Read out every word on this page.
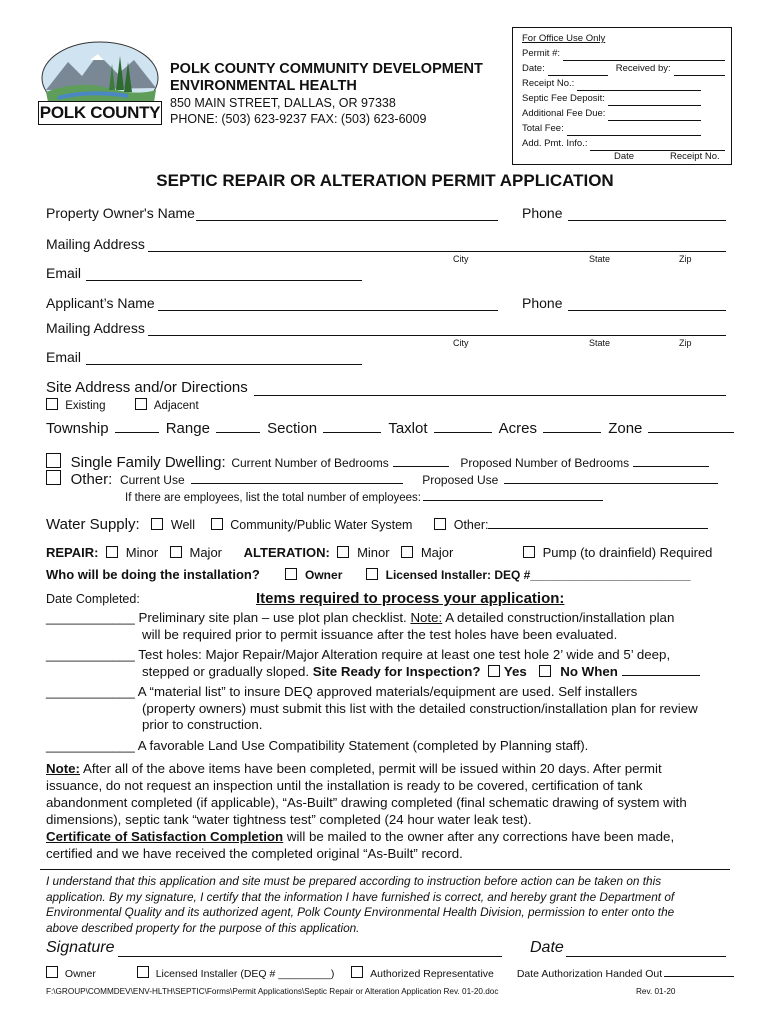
POLK COUNTY
POLK COUNTY COMMUNITY DEVELOPMENT
ENVIRONMENTAL HEALTH
850 MAIN STREET, DALLAS, OR 97338
PHONE: (503) 623-9237 FAX: (503) 623-6009
For Office Use Only
Permit #:
Date:	Received by:
Receipt No.:
Septic Fee Deposit:
Additional Fee Due:
Total Fee:
Add. Pmt. Info.:
Date	Receipt No.
SEPTIC REPAIR OR ALTERATION PERMIT APPLICATION
Property Owner's Name	Phone
Mailing Address
City	State	Zip
Email
Applicant’s Name	Phone
Mailing Address
City	State	Zip
Email
Site Address and/or Directions
Existing	Adjacent
Township	Range	Section	Taxlot	Acres	Zone
Single Family Dwelling: Current Number of Bedrooms	Proposed Number of Bedrooms
Other: Current Use	Proposed Use
If there are employees, list the total number of employees:
Water Supply:	Well	Community/Public Water System	Other:
REPAIR: Minor Major ALTERATION: Minor Major	Pump (to drainfield) Required
Who will be doing the installation?	Owner	Licensed Installer: DEQ #________________________
Date Completed:	Items required to process your application:
____________ Preliminary site plan – use plot plan checklist. Note: A detailed construction/installation plan
will be required prior to permit issuance after the test holes have been evaluated.
____________ Test holes: Major Repair/Major Alteration require at least one test hole 2’ wide and 5’ deep,
stepped or gradually sloped. Site Ready for Inspection? Yes	No When
____________ A “material list” to insure DEQ approved materials/equipment are used. Self installers
(property owners) must submit this list with the detailed construction/installation plan for review
prior to construction.
____________ A favorable Land Use Compatibility Statement (completed by Planning staff).
Note: After all of the above items have been completed, permit will be issued within 20 days. After permit
issuance, do not request an inspection until the installation is ready to be covered, certification of tank
abandonment completed (if applicable), “As-Built” drawing completed (final schematic drawing of system with
dimensions), septic tank “water tightness test” completed (24 hour water leak test).
Certificate of Satisfaction Completion will be mailed to the owner after any corrections have been made,
certified and we have received the completed original “As-Built” record.
I understand that this application and site must be prepared according to instruction before action can be taken on this
application. By my signature, I certify that the information I have furnished is correct, and hereby grant the Department of
Environmental Quality and its authorized agent, Polk County Environmental Health Division, permission to enter onto the
above described property for the purpose of this application.
Signature	Date
Owner	Licensed Installer (DEQ # _________)	Authorized Representative Date Authorization Handed Out
F:\GROUP\COMMDEV\ENV-HLTH\SEPTIC\Forms\Permit Applications\Septic Repair or Alteration Application Rev. 01-20.doc	Rev. 01-20
